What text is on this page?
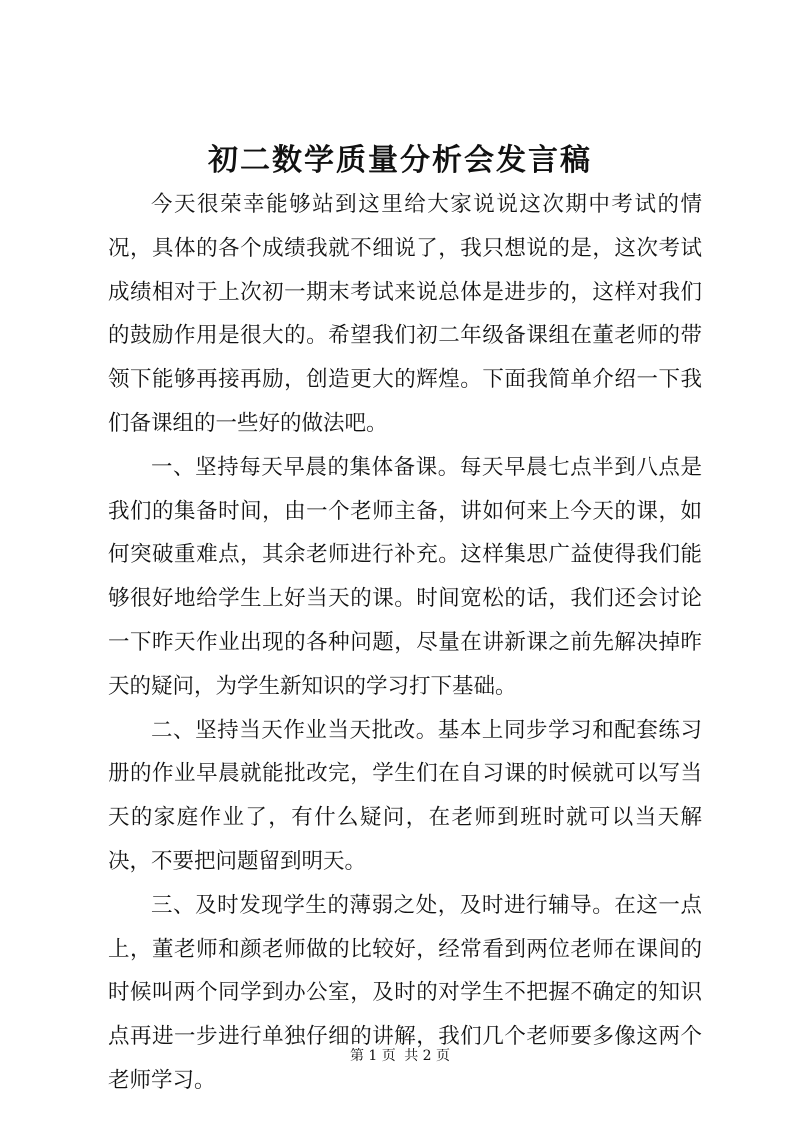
初二数学质量分析会发言稿

今天很荣幸能够站到这里给大家说说这次期中考试的情况，具体的各个成绩我就不细说了，我只想说的是，这次考试成绩相对于上次初一期末考试来说总体是进步的，这样对我们的鼓励作用是很大的。希望我们初二年级备课组在董老师的带领下能够再接再励，创造更大的辉煌。下面我简单介绍一下我们备课组的一些好的做法吧。

一、坚持每天早晨的集体备课。每天早晨七点半到八点是我们的集备时间，由一个老师主备，讲如何来上今天的课，如何突破重难点，其余老师进行补充。这样集思广益使得我们能够很好地给学生上好当天的课。时间宽松的话，我们还会讨论一下昨天作业出现的各种问题，尽量在讲新课之前先解决掉昨天的疑问，为学生新知识的学习打下基础。

二、坚持当天作业当天批改。基本上同步学习和配套练习册的作业早晨就能批改完，学生们在自习课的时候就可以写当天的家庭作业了，有什么疑问，在老师到班时就可以当天解决，不要把问题留到明天。

三、及时发现学生的薄弱之处，及时进行辅导。在这一点上，董老师和颜老师做的比较好，经常看到两位老师在课间的时候叫两个同学到办公室，及时的对学生不把握不确定的知识点再进一步进行单独仔细的讲解，我们几个老师要多像这两个老师学习。

第 1 页 共 2 页
